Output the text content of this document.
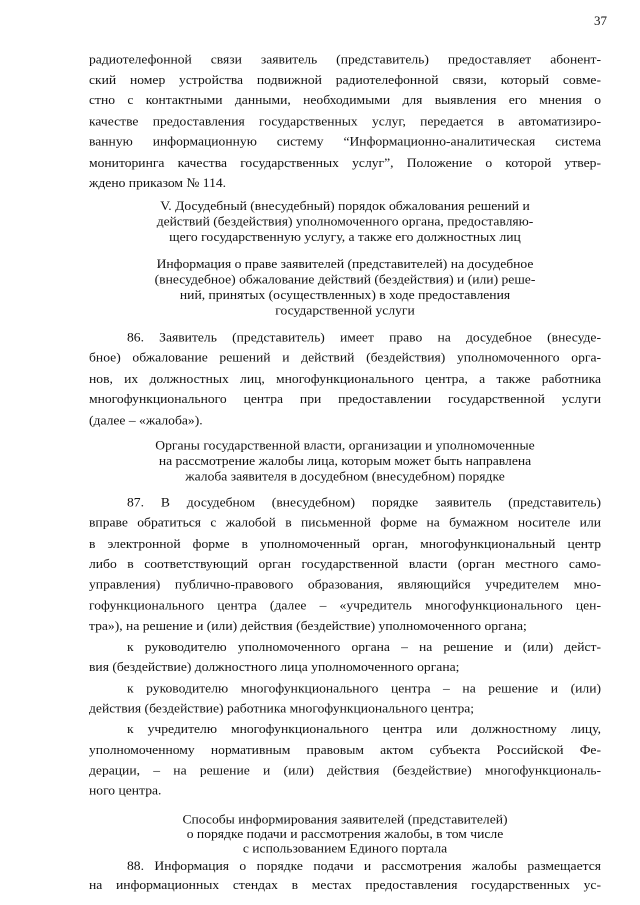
37
радиотелефонной связи заявитель (представитель) предоставляет абонент-
ский номер устройства подвижной радиотелефонной связи, который совме-
стно с контактными данными, необходимыми для выявления его мнения о
качестве предоставления государственных услуг, передается в автоматизиро-
ванную информационную систему “Информационно-аналитическая система
мониторинга качества государственных услуг”, Положение о которой утвер-
ждено приказом № 114.
V. Досудебный (внесудебный) порядок обжалования решений и
действий (бездействия) уполномоченного органа, предоставляю-
щего государственную услугу, а также его должностных лиц
Информация о праве заявителей (представителей) на досудебное
(внесудебное) обжалование действий (бездействия) и (или) реше-
ний, принятых (осуществленных) в ходе предоставления
государственной услуги
86. Заявитель (представитель) имеет право на досудебное (внесуде-
бное) обжалование решений и действий (бездействия) уполномоченного орга-
нов, их должностных лиц, многофункционального центра, а также работника
многофункционального центра при предоставлении государственной услуги
(далее – «жалоба»).
Органы государственной власти, организации и уполномоченные
на рассмотрение жалобы лица, которым может быть направлена
жалоба заявителя в досудебном (внесудебном) порядке
87. В досудебном (внесудебном) порядке заявитель (представитель)
вправе обратиться с жалобой в письменной форме на бумажном носителе или
в электронной форме в уполномоченный орган, многофункциональный центр
либо в соответствующий орган государственной власти (орган местного само-
управления) публично-правового образования, являющийся учредителем мно-
гофункционального центра (далее – «учредитель многофункционального цен-
тра»), на решение и (или) действия (бездействие) уполномоченного органа;
к руководителю уполномоченного органа – на решение и (или) дейст-
вия (бездействие) должностного лица уполномоченного органа;
к руководителю многофункционального центра – на решение и (или)
действия (бездействие) работника многофункционального центра;
к учредителю многофункционального центра или должностному лицу,
уполномоченному нормативным правовым актом субъекта Российской Фе-
дерации, – на решение и (или) действия (бездействие) многофункциональ-
ного центра.
Способы информирования заявителей (представителей)
о порядке подачи и рассмотрения жалобы, в том числе
с использованием Единого портала
88. Информация о порядке подачи и рассмотрения жалобы размещается
на информационных стендах в местах предоставления государственных ус-
